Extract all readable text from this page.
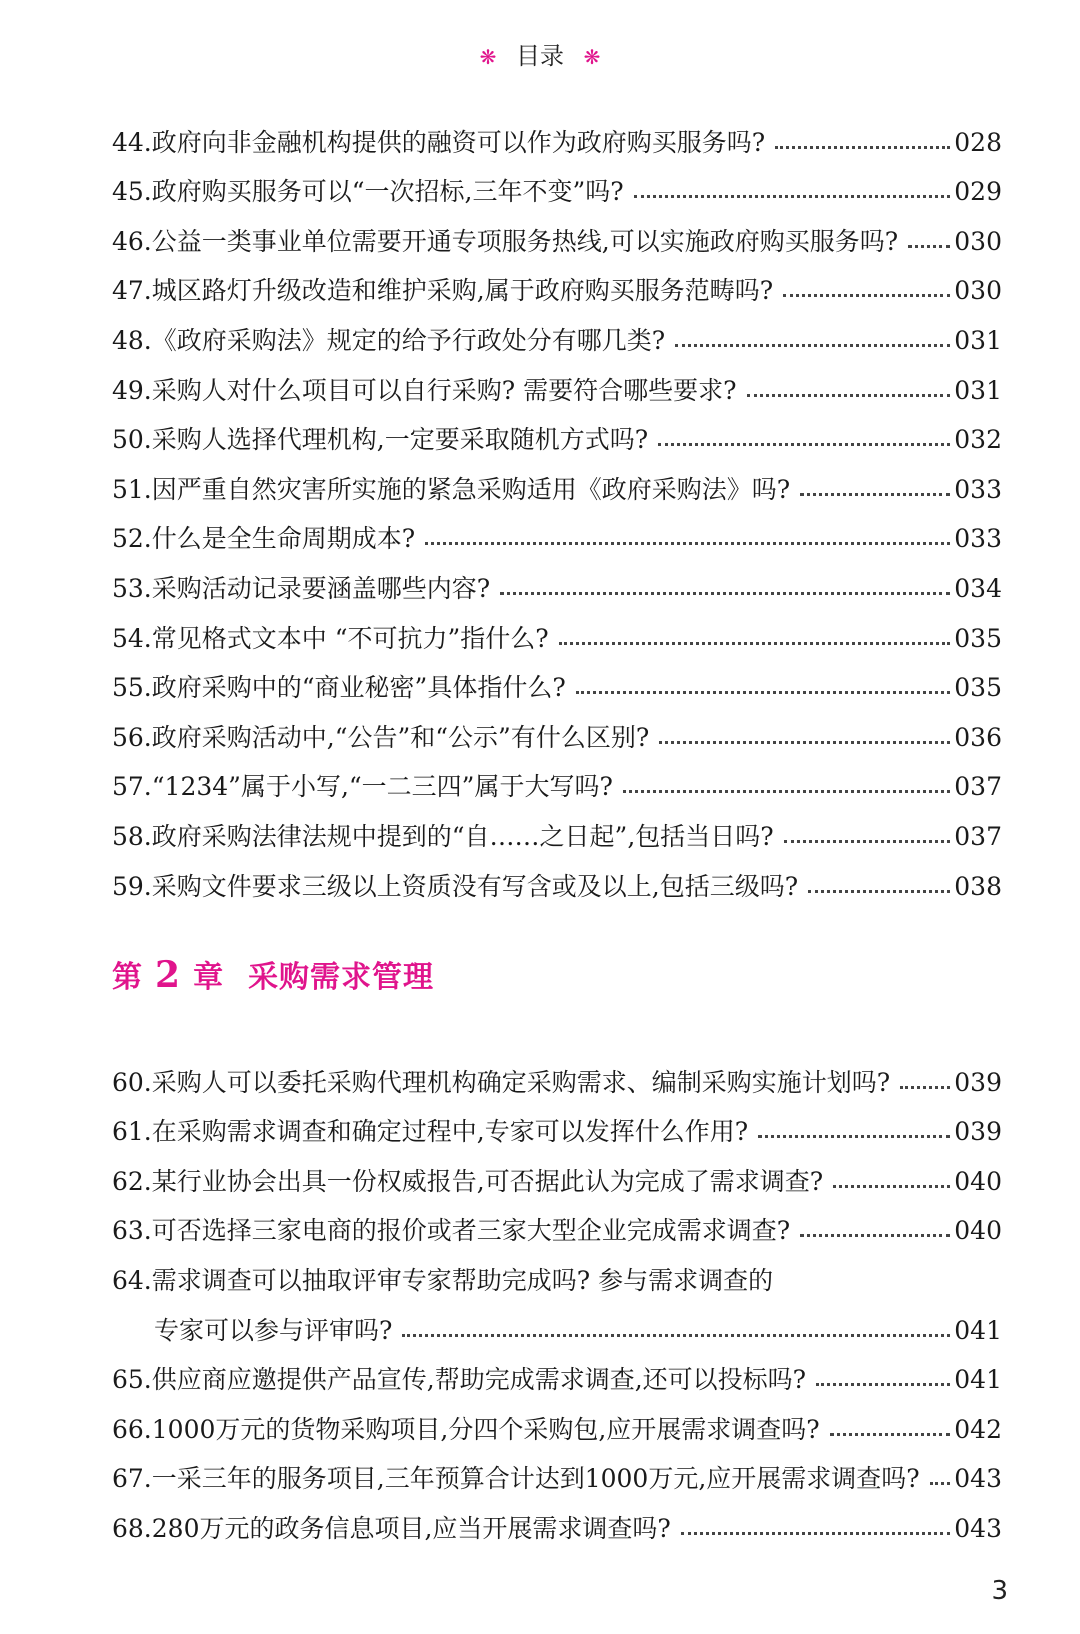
❋ 目录 ❋
44. 政府向非金融机构提供的融资可以作为政府购买服务吗?	028
45. 政府购买服务可以“一次招标,三年不变”吗?	029
46. 公益一类事业单位需要开通专项服务热线,可以实施政府购买服务吗? 030
47. 城区路灯升级改造和维护采购,属于政府购买服务范畴吗?	030
48. 《政府采购法》规定的给予行政处分有哪几类?	031
49. 采购人对什么项目可以自行采购? 需要符合哪些要求?	031
50. 采购人选择代理机构,一定要采取随机方式吗?	032
51. 因严重自然灾害所实施的紧急采购适用《政府采购法》吗?	033
52. 什么是全生命周期成本?	033
53. 采购活动记录要涵盖哪些内容?	034
54. 常见格式文本中 “不可抗力”指什么?	035
55. 政府采购中的“商业秘密”具体指什么?	035
56. 政府采购活动中,“公告”和“公示”有什么区别?	036
57. “1234”属于小写,“一二三四”属于大写吗?	037
58. 政府采购法律法规中提到的“自……之日起”,包括当日吗?	037
59. 采购文件要求三级以上资质没有写含或及以上,包括三级吗?	038
第 2 章 采购需求管理
60. 采购人可以委托采购代理机构确定采购需求、编制采购实施计划吗?	039
61. 在采购需求调查和确定过程中,专家可以发挥什么作用?	039
62. 某行业协会出具一份权威报告,可否据此认为完成了需求调查?	040
63. 可否选择三家电商的报价或者三家大型企业完成需求调查?	040
64. 需求调查可以抽取评审专家帮助完成吗? 参与需求调查的
专家可以参与评审吗?	041
65. 供应商应邀提供产品宣传,帮助完成需求调查,还可以投标吗?	041
66. 1000万元的货物采购项目,分四个采购包,应开展需求调查吗?	042
67. 一采三年的服务项目,三年预算合计达到1000万元,应开展需求调查吗? 043
68. 280万元的政务信息项目,应当开展需求调查吗?	043
3
